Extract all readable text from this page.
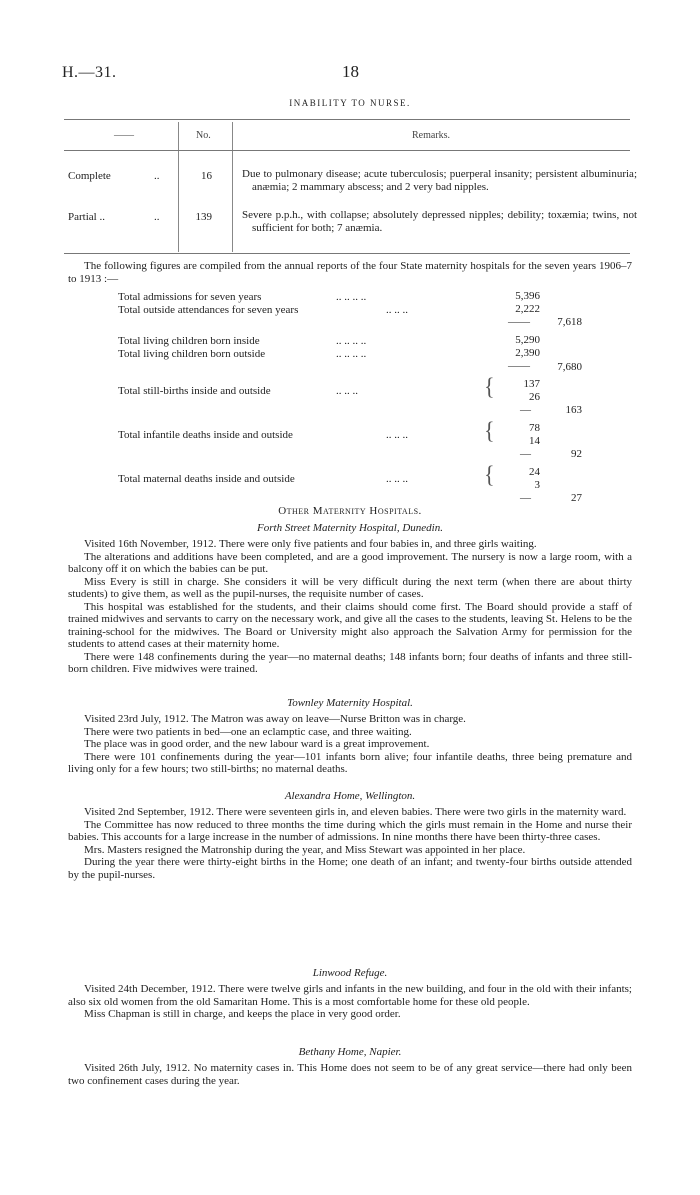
H.—31.	18
INABILITY TO NURSE.
——	No.	Remarks.
Complete	..	16	Due to pulmonary disease; acute tuberculosis; puerperal insanity; persistent albuminuria; anæmia; 2 mammary abscess; and 2 very bad nipples.
Partial ..	..	139	Severe p.p.h., with collapse; absolutely depressed nipples; debility; toxæmia; twins, not sufficient for both; 7 anæmia.

The following figures are compiled from the annual reports of the four State maternity hospitals for the seven years 1906–7 to 1913 :—

Total admissions for seven years	.. .. .. ..	5,396
Total outside attendances for seven years	.. .. ..	2,222
——	7,618
Total living children born inside	.. .. .. ..	5,290
Total living children born outside	.. .. .. ..	2,390
——	7,680
Total still-births inside and outside	.. .. ..	{	137
26
—	163
Total infantile deaths inside and outside	.. .. ..	{	78
14
—	92
Total maternal deaths inside and outside	.. .. ..	{	24
3
—	27
Other Maternity Hospitals.
Forth Street Maternity Hospital, Dunedin.

Visited 16th November, 1912. There were only five patients and four babies in, and three girls waiting.

The alterations and additions have been completed, and are a good improvement. The nursery is now a large room, with a balcony off it on which the babies can be put.

Miss Every is still in charge. She considers it will be very difficult during the next term (when there are about thirty students) to give them, as well as the pupil-nurses, the requisite number of cases.

This hospital was established for the students, and their claims should come first. The Board should provide a staff of trained midwives and servants to carry on the necessary work, and give all the cases to the students, leaving St. Helens to be the training-school for the midwives. The Board or University might also approach the Salvation Army for permission for the students to attend cases at their maternity home.

There were 148 confinements during the year—no maternal deaths; 148 infants born; four deaths of infants and three still-born children. Five midwives were trained.

Townley Maternity Hospital.

Visited 23rd July, 1912. The Matron was away on leave—Nurse Britton was in charge.

There were two patients in bed—one an eclamptic case, and three waiting.

The place was in good order, and the new labour ward is a great improvement.

There were 101 confinements during the year—101 infants born alive; four infantile deaths, three being premature and living only for a few hours; two still-births; no maternal deaths.

Alexandra Home, Wellington.

Visited 2nd September, 1912. There were seventeen girls in, and eleven babies. There were two girls in the maternity ward.

The Committee has now reduced to three months the time during which the girls must remain in the Home and nurse their babies. This accounts for a large increase in the number of admissions. In nine months there have been thirty-three cases.

Mrs. Masters resigned the Matronship during the year, and Miss Stewart was appointed in her place.

During the year there were thirty-eight births in the Home; one death of an infant; and twenty-four births outside attended by the pupil-nurses.

Linwood Refuge.

Visited 24th December, 1912. There were twelve girls and infants in the new building, and four in the old with their infants; also six old women from the old Samaritan Home. This is a most comfortable home for these old people.

Miss Chapman is still in charge, and keeps the place in very good order.

Bethany Home, Napier.

Visited 26th July, 1912. No maternity cases in. This Home does not seem to be of any great service—there had only been two confinement cases during the year.
